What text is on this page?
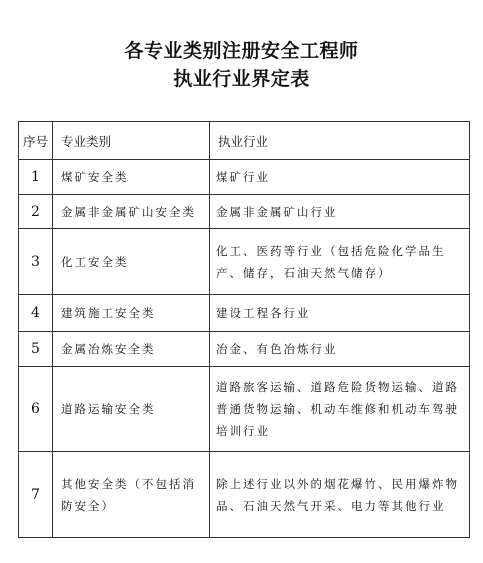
各专业类别注册安全工程师
执业行业界定表
序号	专业类别	执业行业
1	煤矿安全类	煤矿行业
2	金属非金属矿山安全类	金属非金属矿山行业
3	化工安全类	化工、医药等行业（包括危险化学品生产、储存，石油天然气储存）
4	建筑施工安全类	建设工程各行业
5	金属冶炼安全类	冶金、有色冶炼行业
6	道路运输安全类	道路旅客运输、道路危险货物运输、道路普通货物运输、机动车维修和机动车驾驶培训行业
7	其他安全类（不包括消防安全）	除上述行业以外的烟花爆竹、民用爆炸物品、石油天然气开采、电力等其他行业
